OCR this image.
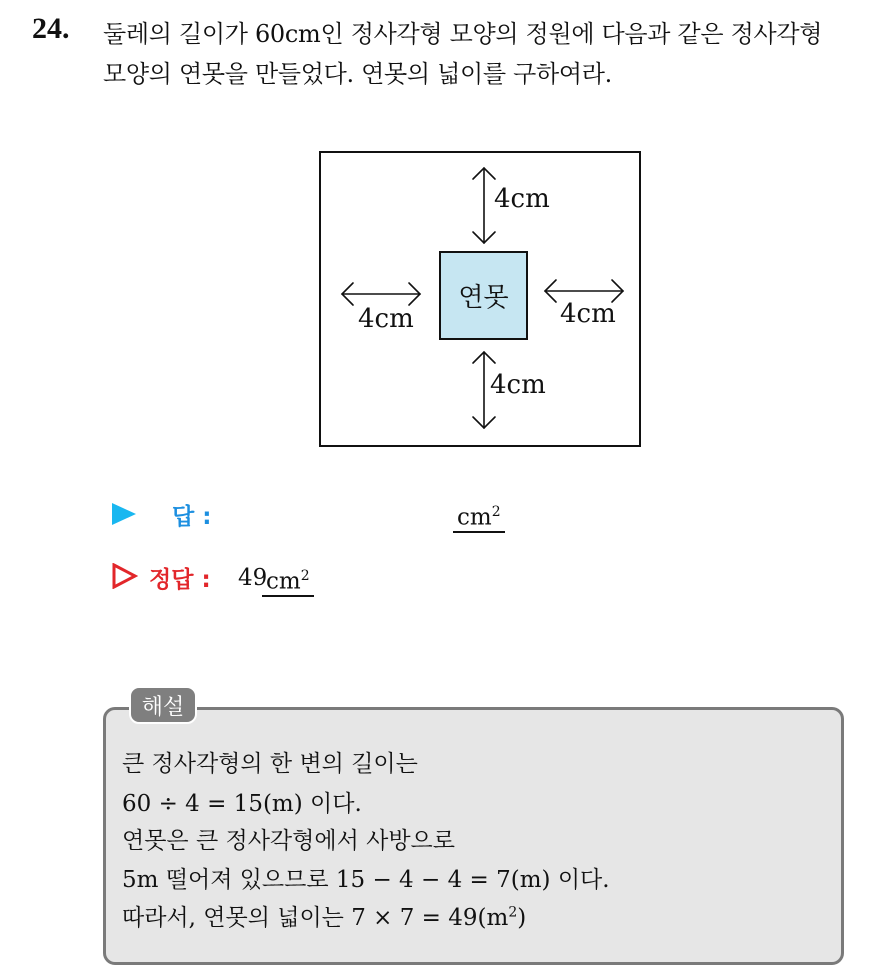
24. 둘레의 길이가 60cm인 정사각형 모양의 정원에 다음과 같은 정사각형
모양의 연못을 만들었다. 연못의 넓이를 구하여라.
연못
4cm
4cm	4cm
4cm
답 :	$cm^2$
정답 : 49
$cm^2$
해설
큰 정사각형의 한 변의 길이는
60 ÷ 4 = 15(m) 이다.
연못은 큰 정사각형에서 사방으로
5m 떨어져 있으므로 15 − 4 − 4 = 7(m) 이다.
따라서, 연못의 넓이는 $7 \times 7 = 49(m^2)$
